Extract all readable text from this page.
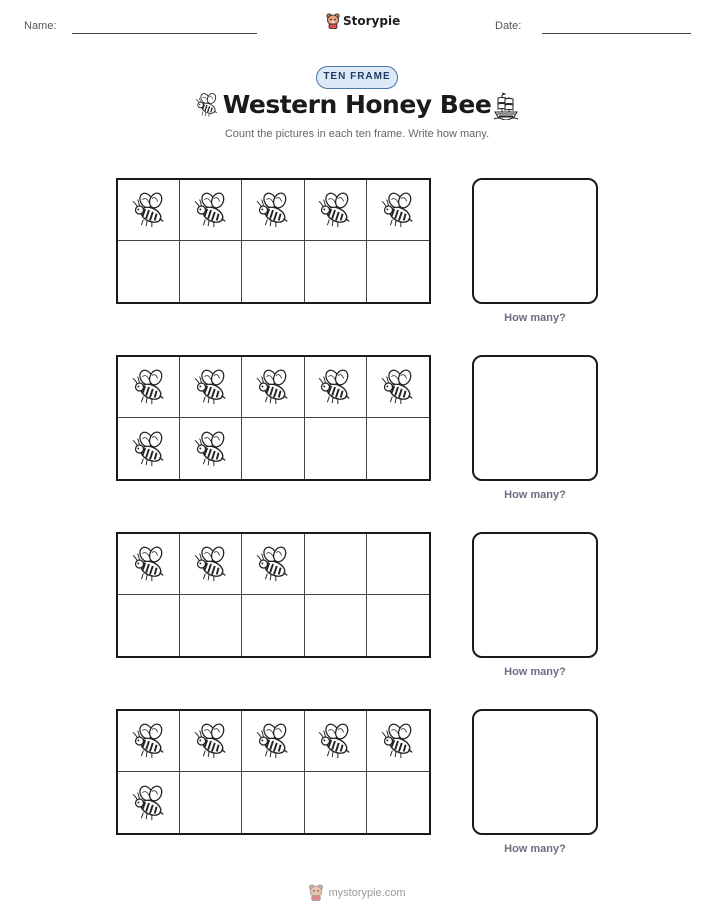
Name:	Storypie	Date:
TEN FRAME
Western Honey Bee

Count the pictures in each ten frame. Write how many.

How many?
How many?
How many?
How many?
mystorypie.com
